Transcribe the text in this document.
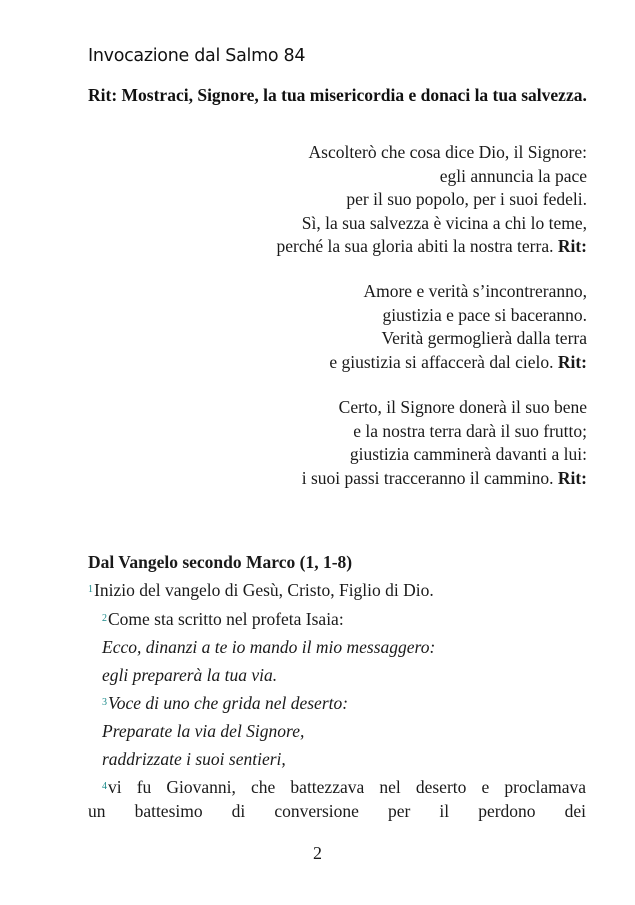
Invocazione dal Salmo 84
Rit: Mostraci, Signore, la tua misericordia e donaci la tua salvezza.
Ascolterò che cosa dice Dio, il Signore:
egli annuncia la pace
per il suo popolo, per i suoi fedeli.
Sì, la sua salvezza è vicina a chi lo teme,
perché la sua gloria abiti la nostra terra. Rit:
Amore e verità s’incontreranno,
giustizia e pace si baceranno.
Verità germoglierà dalla terra
e giustizia si affaccerà dal cielo. Rit:
Certo, il Signore donerà il suo bene
e la nostra terra darà il suo frutto;
giustizia camminerà davanti a lui:
i suoi passi tracceranno il cammino. Rit:
Dal Vangelo secondo Marco (1, 1-8)
$^1$Inizio del vangelo di Gesù, Cristo, Figlio di Dio.
$^2$Come sta scritto nel profeta Isaia:
Ecco, dinanzi a te io mando il mio messaggero:
egli preparerà la tua via.
$^3$Voce di uno che grida nel deserto:
Preparate la via del Signore,
raddrizzate i suoi sentieri,
$^4$vi fu Giovanni, che battezzava nel deserto e proclamava
un battesimo di conversione per il perdono dei
2
